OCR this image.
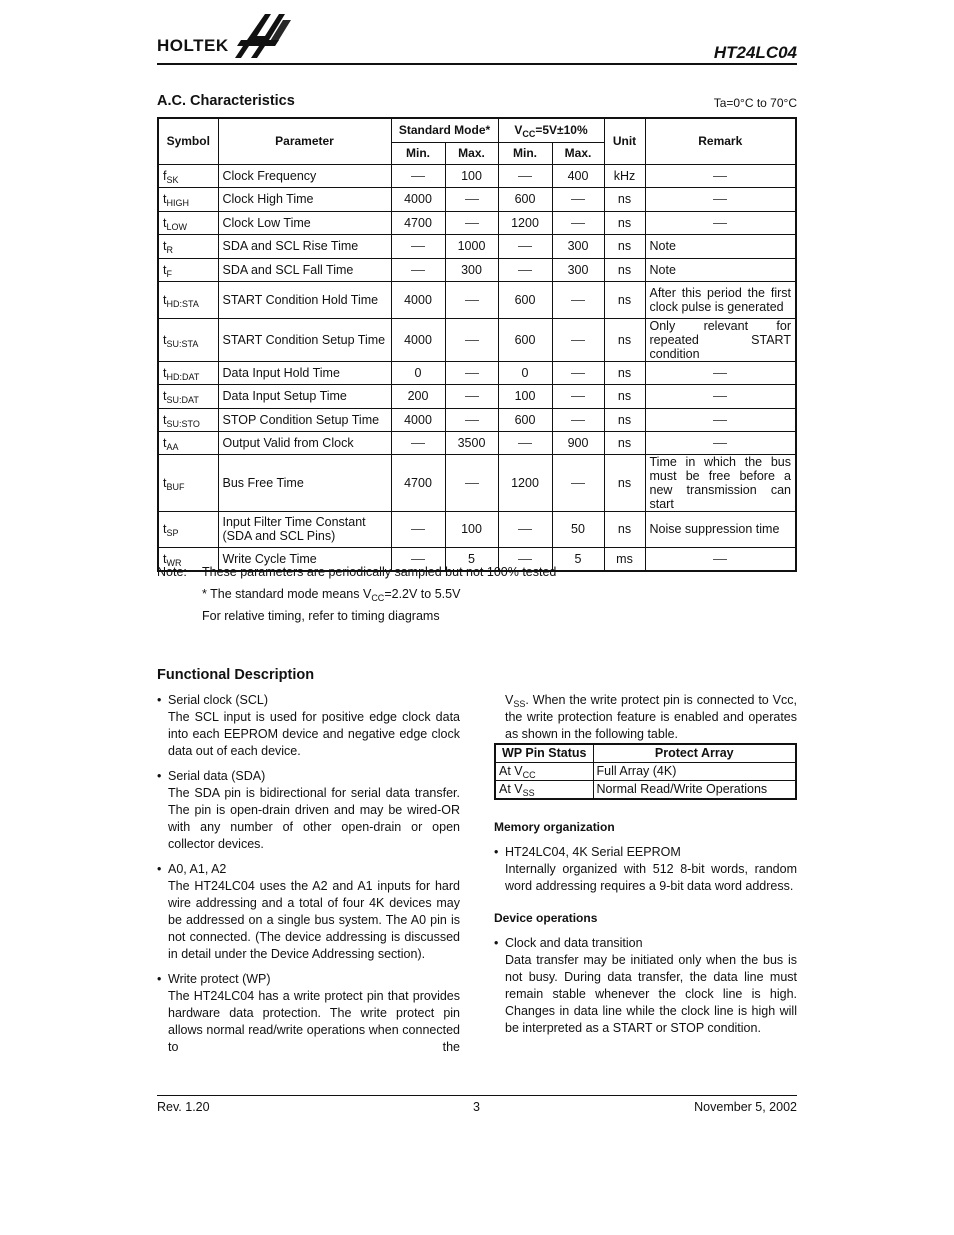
HOLTEK	HT24LC04
A.C. Characteristics	Ta=0°C to 70°C
Symbol	Parameter	Standard Mode*		$V_{CC}=5V\pm 10\%$		Unit	Remark
		Min.	Max.	Min.	Max.		
$f_{SK}$	Clock Frequency		100		400	kHz	
$t_{HIGH}$	Clock High Time	4000		600		ns	
$t_{LOW}$	Clock Low Time	4700		1200		ns	
$t_R$	SDA and SCL Rise Time		1000		300	ns	Note
$t_F$	SDA and SCL Fall Time		300		300	ns	Note
$t_{HD:STA}$	START Condition Hold Time	4000		600		ns	After this period the first clock pulse is generated
$t_{SU:STA}$	START Condition Setup Time	4000		600		ns	Only relevant for repeated START condition
$t_{HD:DAT}$	Data Input Hold Time	0		0		ns	
$t_{SU:DAT}$	Data Input Setup Time	200		100		ns	
$t_{SU:STO}$	STOP Condition Setup Time	4000		600		ns	
$t_{AA}$	Output Valid from Clock		3500		900	ns	
$t_{BUF}$	Bus Free Time	4700		1200		ns	Time in which the bus must be free before a new transmission can start
$t_{SP}$	Input Filter Time Constant (SDA and SCL Pins)		100		50	ns	Noise suppression time
$t_{WR}$	Write Cycle Time		5		5	ms	
Note: These parameters are periodically sampled but not 100% tested
* The standard mode means $V_{CC}=2.2V$ to 5.5V
For relative timing, refer to timing diagrams
Functional Description

• Serial clock (SCL)

The SCL input is used for positive edge clock data into each EEPROM device and negative edge clock data out of each device.

• Serial data (SDA)

The SDA pin is bidirectional for serial data transfer. The pin is open-drain driven and may be wired-OR with any number of other open-drain or open collector devices.

• A0, A1, A2

The HT24LC04 uses the A2 and A1 inputs for hard wire addressing and a total of four 4K devices may be addressed on a single bus system. The A0 pin is not connected. (The device addressing is discussed in detail under the Device Addressing section).

• Write protect (WP)

The HT24LC04 has a write protect pin that provides hardware data protection. The write protect pin allows normal read/write operations when connected to the

$V_{SS}$. When the write protect pin is connected to Vcc, the write protection feature is enabled and operates as shown in the following table.

WP Pin Status	Protect Array
At $V_{CC}$	Full Array (4K)
At $V_{SS}$	Normal Read/Write Operations

Memory organization

• HT24LC04, 4K Serial EEPROM

Internally organized with 512 8-bit words, random word addressing requires a 9-bit data word address.

Device operations

• Clock and data transition

Data transfer may be initiated only when the bus is not busy. During data transfer, the data line must remain stable whenever the clock line is high. Changes in data line while the clock line is high will be interpreted as a START or STOP condition.

Rev. 1.20	3	November 5, 2002
